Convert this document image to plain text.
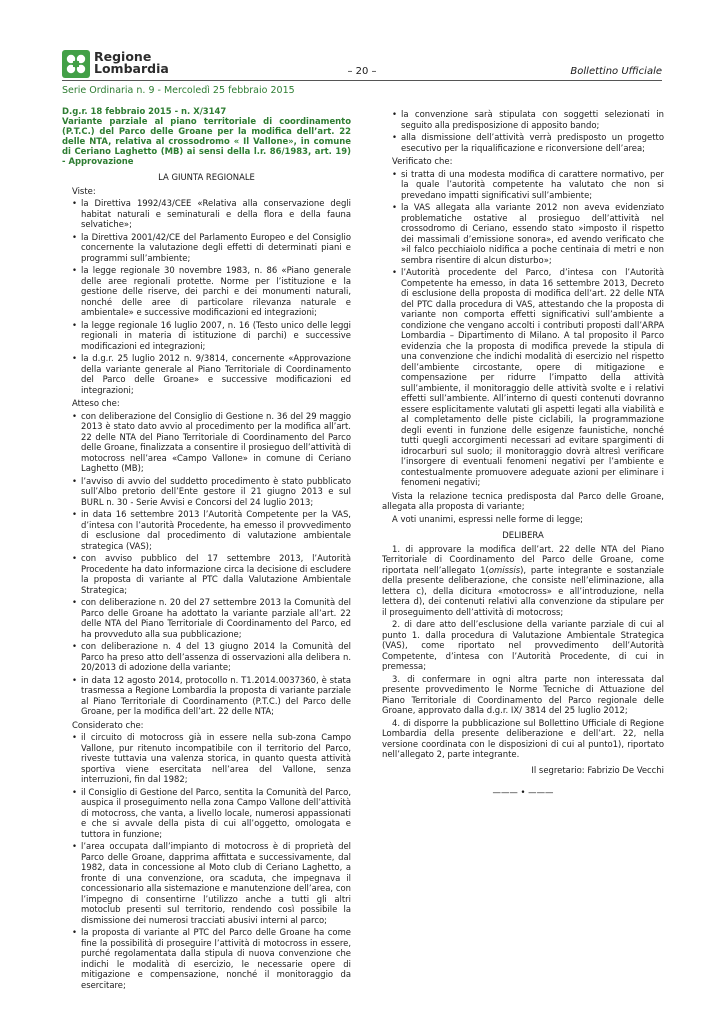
Regione
Lombardia	– 20 –	Bollettino Ufficiale
Serie Ordinaria n. 9 - Mercoledì 25 febbraio 2015

D.g.r. 18 febbraio 2015 - n. X/3147

Variante parziale al piano territoriale di coordinamento (P.T.C.) del Parco delle Groane per la modifica dell’art. 22 delle NTA, relativa al crossodromo « Il Vallone», in comune di Ceriano Laghetto (MB) ai sensi della l.r. 86/1983, art. 19) - Approvazione

LA GIUNTA REGIONALE

Viste:

• la Direttiva 1992/43/CEE «Relativa alla conservazione degli habitat naturali e seminaturali e della flora e della fauna selvatiche»;
• la Direttiva 2001/42/CE del Parlamento Europeo e del Consiglio concernente la valutazione degli effetti di determinati piani e programmi sull’ambiente;
• la legge regionale 30 novembre 1983, n. 86 «Piano generale delle aree regionali protette. Norme per l’istituzione e la gestione delle riserve, dei parchi e dei monumenti naturali, nonché delle aree di particolare rilevanza naturale e ambientale» e successive modificazioni ed integrazioni;
• la legge regionale 16 luglio 2007, n. 16 (Testo unico delle leggi regionali in materia di istituzione di parchi) e successive modificazioni ed integrazioni;
• la d.g.r. 25 luglio 2012 n. 9/3814, concernente «Approvazione della variante generale al Piano Territoriale di Coordinamento del Parco delle Groane» e successive modificazioni ed integrazioni;

Atteso che:

• con deliberazione del Consiglio di Gestione n. 36 del 29 maggio 2013 è stato dato avvio al procedimento per la modifica all’art. 22 delle NTA del Piano Territoriale di Coordinamento del Parco delle Groane, finalizzata a consentire il prosieguo dell’attività di motocross nell’area «Campo Vallone» in comune di Ceriano Laghetto (MB);
• l’avviso di avvio del suddetto procedimento è stato pubblicato sull’Albo pretorio dell’Ente gestore il 21 giugno 2013 e sul BURL n. 30 - Serie Avvisi e Concorsi del 24 luglio 2013;
• in data 16 settembre 2013 l’Autorità Competente per la VAS, d’intesa con l’autorità Procedente, ha emesso il provvedimento di esclusione dal procedimento di valutazione ambientale strategica (VAS);
• con avviso pubblico del 17 settembre 2013, l’Autorità Procedente ha dato informazione circa la decisione di escludere la proposta di variante al PTC dalla Valutazione Ambientale Strategica;
• con deliberazione n. 20 del 27 settembre 2013 la Comunità del Parco delle Groane ha adottato la variante parziale all’art. 22 delle NTA del Piano Territoriale di Coordinamento del Parco, ed ha provveduto alla sua pubblicazione;
• con deliberazione n. 4 del 13 giugno 2014 la Comunità del Parco ha preso atto dell’assenza di osservazioni alla delibera n. 20/2013 di adozione della variante;
• in data 12 agosto 2014, protocollo n. T1.2014.0037360, è stata trasmessa a Regione Lombardia la proposta di variante parziale al Piano Territoriale di Coordinamento (P.T.C.) del Parco delle Groane, per la modifica dell’art. 22 delle NTA;

Considerato che:

• il circuito di motocross già in essere nella sub-zona Campo Vallone, pur ritenuto incompatibile con il territorio del Parco, riveste tuttavia una valenza storica, in quanto questa attività sportiva viene esercitata nell’area del Vallone, senza interruzioni, fin dal 1982;
• il Consiglio di Gestione del Parco, sentita la Comunità del Parco, auspica il proseguimento nella zona Campo Vallone dell’attività di motocross, che vanta, a livello locale, numerosi appassionati e che si avvale della pista di cui all’oggetto, omologata e tuttora in funzione;
• l’area occupata dall’impianto di motocross è di proprietà del Parco delle Groane, dapprima affittata e successivamente, dal 1982, data in concessione al Moto club di Ceriano Laghetto, a fronte di una convenzione, ora scaduta, che impegnava il concessionario alla sistemazione e manutenzione dell’area, con l’impegno di consentirne l’utilizzo anche a tutti gli altri motoclub presenti sul territorio, rendendo così possibile la dismissione dei numerosi tracciati abusivi interni al parco;
• la proposta di variante al PTC del Parco delle Groane ha come fine la possibilità di proseguire l’attività di motocross in essere, purché regolamentata dalla stipula di nuova convenzione che indichi le modalità di esercizio, le necessarie opere di mitigazione e compensazione, nonché il monitoraggio da esercitare;
• la convenzione sarà stipulata con soggetti selezionati in seguito alla predisposizione di apposito bando;
• alla dismissione dell’attività verrà predisposto un progetto esecutivo per la riqualificazione e riconversione dell’area;

Verificato che:

• si tratta di una modesta modifica di carattere normativo, per la quale l’autorità competente ha valutato che non si prevedano impatti significativi sull’ambiente;
• la VAS allegata alla variante 2012 non aveva evidenziato problematiche ostative al prosieguo dell’attività nel crossodromo di Ceriano, essendo stato »imposto il rispetto dei massimali d’emissione sonora», ed avendo verificato che »il falco pecchiaiolo nidifica a poche centinaia di metri e non sembra risentire di alcun disturbo»;
• l’Autorità procedente del Parco, d’intesa con l’Autorità Competente ha emesso, in data 16 settembre 2013, Decreto di esclusione della proposta di modifica dell’art. 22 delle NTA del PTC dalla procedura di VAS, attestando che la proposta di variante non comporta effetti significativi sull’ambiente a condizione che vengano accolti i contributi proposti dall’ARPA Lombardia – Dipartimento di Milano. A tal proposito il Parco evidenzia che la proposta di modifica prevede la stipula di una convenzione che indichi modalità di esercizio nel rispetto dell’ambiente circostante, opere di mitigazione e compensazione per ridurre l’impatto della attività sull’ambiente, il monitoraggio delle attività svolte e i relativi effetti sull’ambiente. All’interno di questi contenuti dovranno essere esplicitamente valutati gli aspetti legati alla viabilità e al completamento delle piste ciclabili, la programmazione degli eventi in funzione delle esigenze faunistiche, nonché tutti quegli accorgimenti necessari ad evitare spargimenti di idrocarburi sul suolo; il monitoraggio dovrà altresì verificare l’insorgere di eventuali fenomeni negativi per l’ambiente e contestualmente promuovere adeguate azioni per eliminare i fenomeni negativi;

Vista la relazione tecnica predisposta dal Parco delle Groane, allegata alla proposta di variante;

A voti unanimi, espressi nelle forme di legge;

DELIBERA

1. di approvare la modifica dell’art. 22 delle NTA del Piano Territoriale di Coordinamento del Parco delle Groane, come riportata nell’allegato 1(omissis), parte integrante e sostanziale della presente deliberazione, che consiste nell’eliminazione, alla lettera c), della dicitura «motocross» e all’introduzione, nella lettera d), dei contenuti relativi alla convenzione da stipulare per il proseguimento dell’attività di motocross;

2. di dare atto dell’esclusione della variante parziale di cui al punto 1. dalla procedura di Valutazione Ambientale Strategica (VAS), come riportato nel provvedimento dell’Autorità Competente, d’intesa con l’Autorità Procedente, di cui in premessa;

3. di confermare in ogni altra parte non interessata dal presente provvedimento le Norme Tecniche di Attuazione del Piano Territoriale di Coordinamento del Parco regionale delle Groane, approvato dalla d.g.r. IX/ 3814 del 25 luglio 2012;

4. di disporre la pubblicazione sul Bollettino Ufficiale di Regione Lombardia della presente deliberazione e dell’art. 22, nella versione coordinata con le disposizioni di cui al punto1), riportato nell’allegato 2, parte integrante.

Il segretario: Fabrizio De Vecchi

——— • ———
